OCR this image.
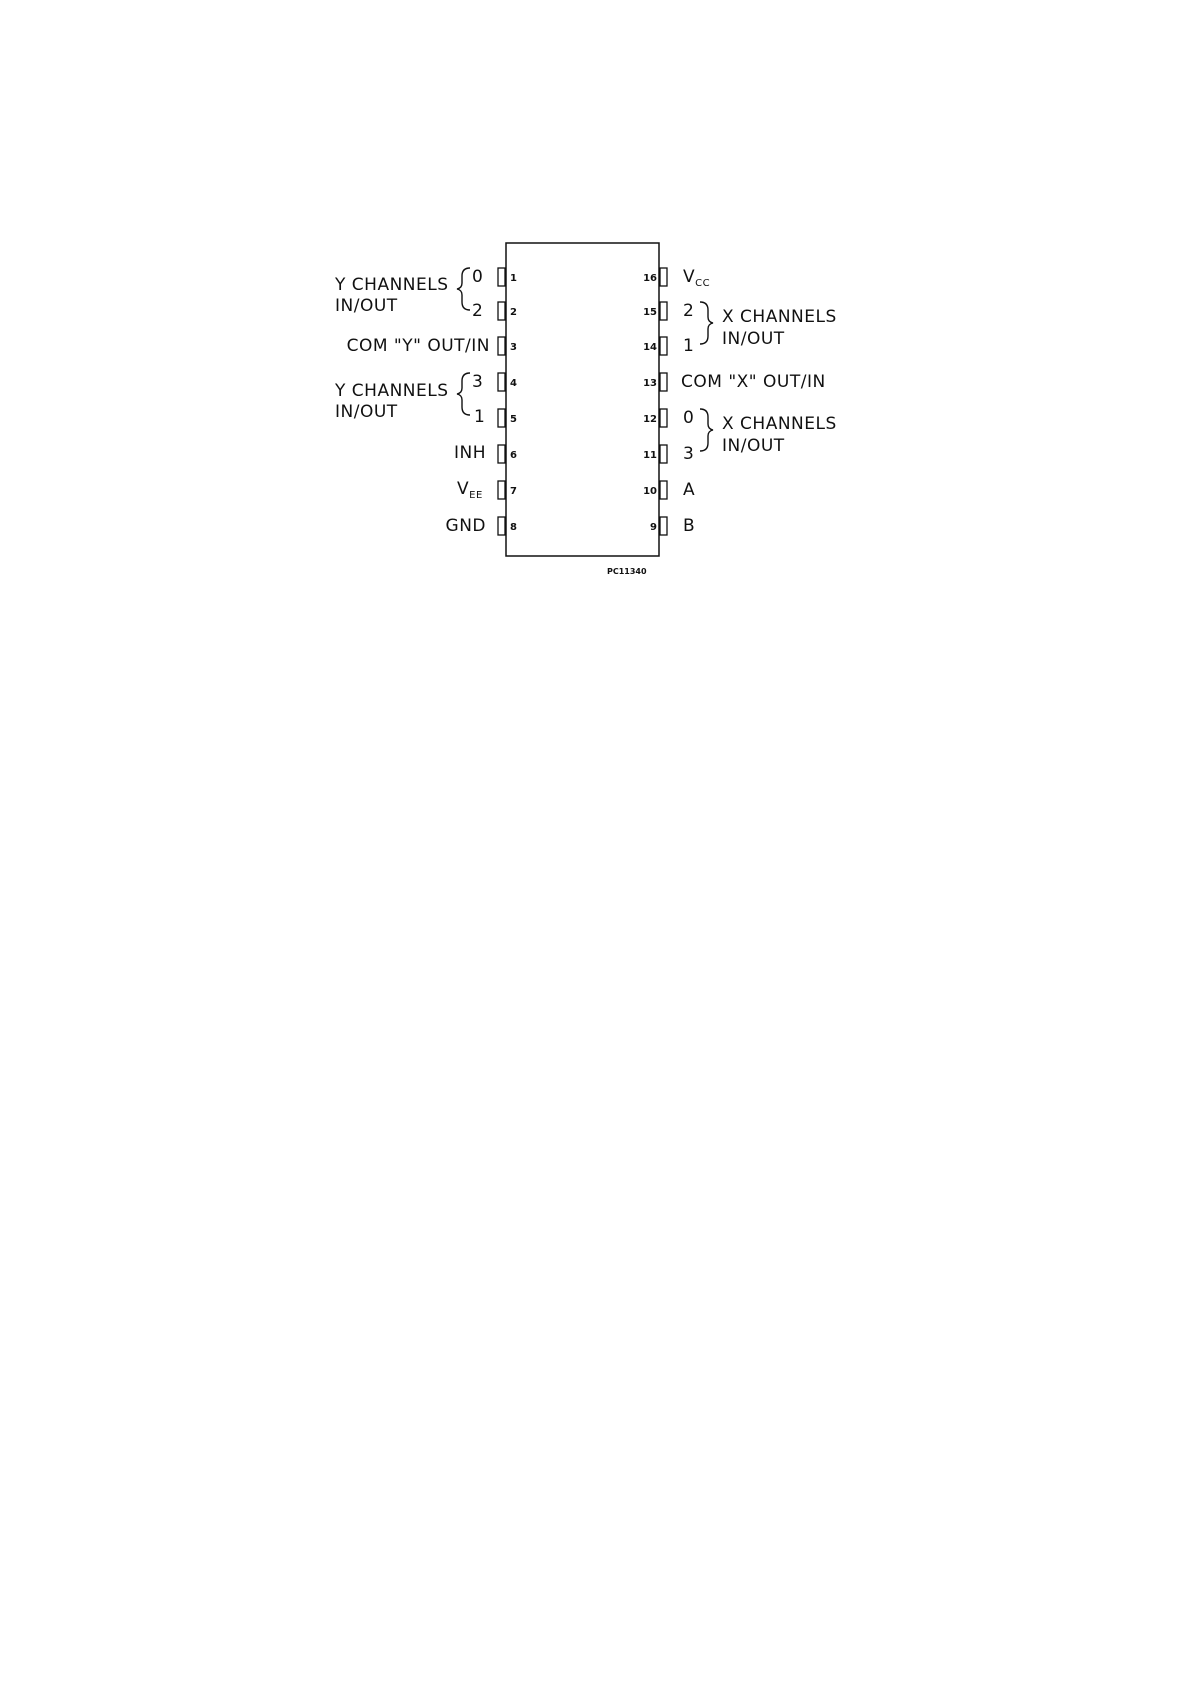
1
2
3
4
5
6
7
8
16
15
14
13
12
11
10
9
0
2
COM "Y" OUT/IN
3
1
INH
$V_{EE}$
GND
Y CHANNELS
IN/OUT
Y CHANNELS
IN/OUT
$V_{CC}$
2
1
COM "X" OUT/IN
0
3
A
B
X CHANNELS
IN/OUT
X CHANNELS
IN/OUT
PC11340
